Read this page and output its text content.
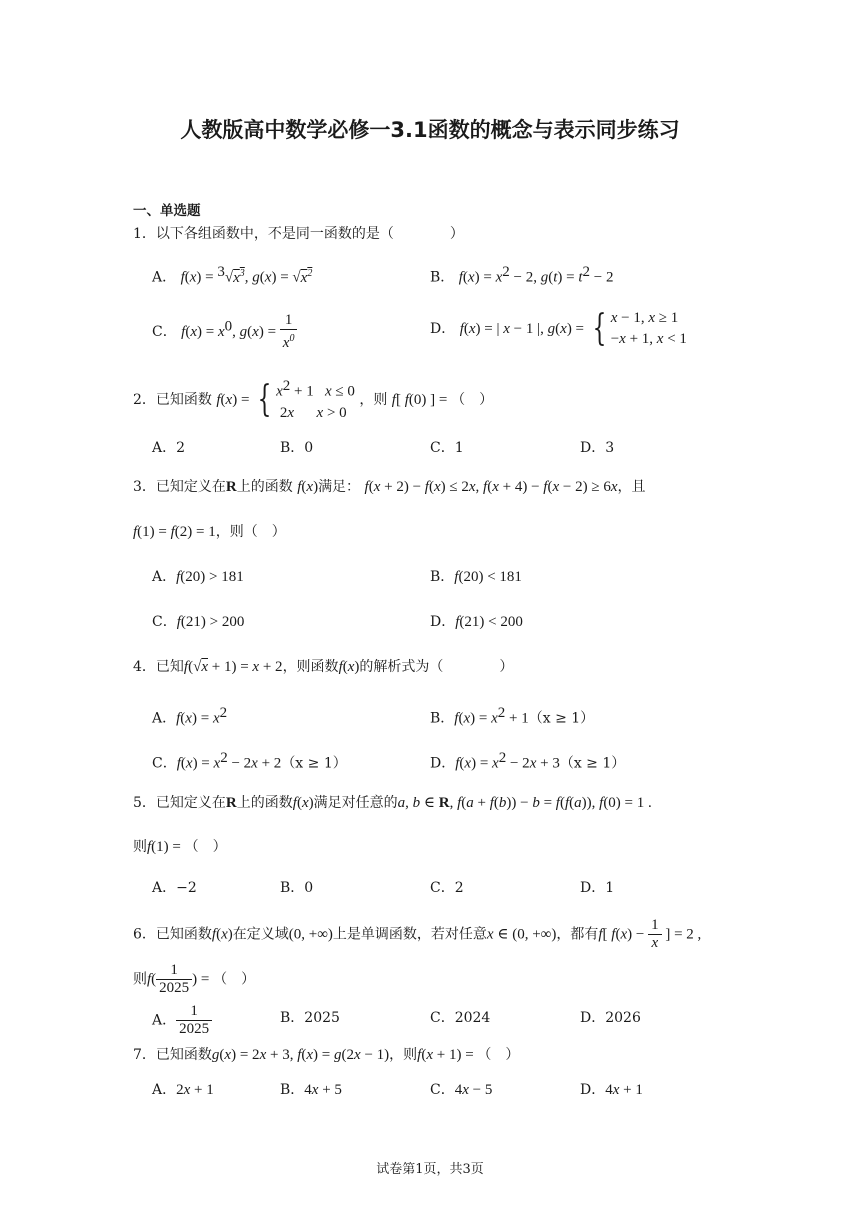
人教版高中数学必修一3.1函数的概念与表示同步练习
一、单选题
1．以下各组函数中，不是同一函数的是（　　　　）
A． $f(x) = ^3√x^3$, $g(x) = √x^2$	B． $f(x) = x^2 - 2$, $g(t) = t^2 - 2$
C． $f(x) = x^0$, $g(x) = \frac{1}{x^0}$	D． f(x) = | x − 1 |, g(x) = { x − 1, x ≥ 1
−x + 1, x < 1
2．已知函数 f(x) = { $x^2 + 1$   x ≤ 0
2x x > 0
，则 f[ f(0) ] = （　）
A．2	B．0	C．1	D．3
3．已知定义在R上的函数 f(x)满足： f(x + 2) − f(x) ≤ 2x, f(x + 4) − f(x − 2) ≥ 6x，且
f(1) = f(2) = 1，则（　）
A．f(20) > 181	B．f(20) < 181
C．f(21) > 200	D．f(21) < 200
4．已知f(√x + 1) = x + 2，则函数f(x)的解析式为（　　　　）
A．$f(x) = x^2$	B．$f(x) = x^2 + 1(x \ge 1)$
C．$f(x) = x^2 - 2x + 2(x \ge 1)$	D．$f(x) = x^2 - 2x + 3(x \ge 1)$
5．已知定义在R上的函数f(x)满足对任意的a, b ∈ R, f(a + f(b)) − b = f(f(a)), f(0) = 1 .
则f(1) = （　）
A．−2	B．0	C．2	D．1
6．已知函数f(x)在定义域(0, +∞)上是单调函数，若对任意x ∈ (0, +∞)，都有f[ $f(x) - \frac{1}{x}$ ] = 2 ,
则$f( \frac{1}{2025}$ ) = （　）
A． $\frac{1}{2025}$	B．2025	C．2024	D．2026
7．已知函数g(x) = 2x + 3, f(x) = g(2x − 1)，则f(x + 1) = （　）
A．2x + 1	B．4x + 5	C．4x − 5	D．4x + 1
试卷第1页，共3页
